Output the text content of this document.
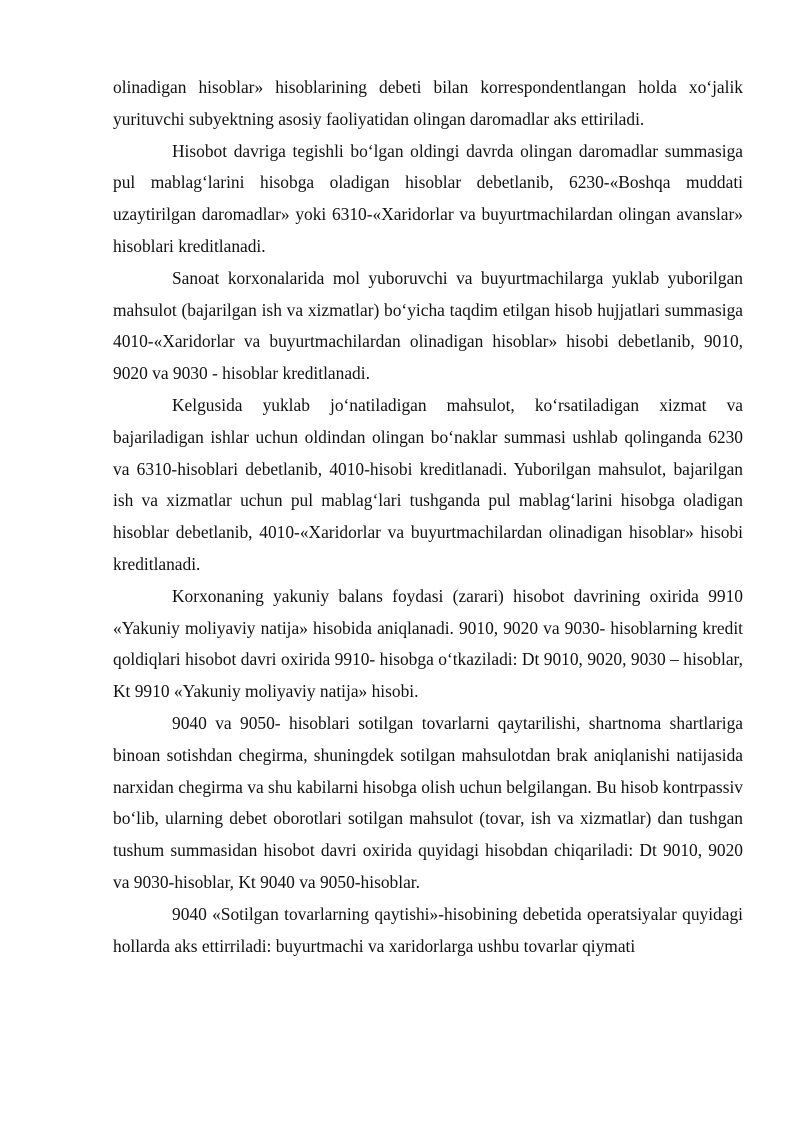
olinadigan hisoblar» hisoblarining debeti bilan korrespondentlangan holda xo‘jalik yurituvchi subyektning asosiy faoliyatidan olingan daromadlar aks ettiriladi.

Hisobot davriga tegishli bo‘lgan oldingi davrda olingan daromadlar summasiga pul mablag‘larini hisobga oladigan hisoblar debetlanib, 6230-«Boshqa muddati uzaytirilgan daromadlar» yoki 6310-«Xaridorlar va buyurtmachilardan olingan avanslar» hisoblari kreditlanadi.

Sanoat korxonalarida mol yuboruvchi va buyurtmachilarga yuklab yuborilgan mahsulot (bajarilgan ish va xizmatlar) bo‘yicha taqdim etilgan hisob hujjatlari summasiga 4010-«Xaridorlar va buyurtmachilardan olinadigan hisoblar» hisobi debetlanib, 9010, 9020 va 9030 - hisoblar kreditlanadi.

Kelgusida yuklab jo‘natiladigan mahsulot, ko‘rsatiladigan xizmat va bajariladigan ishlar uchun oldindan olingan bo‘naklar summasi ushlab qolinganda 6230 va 6310-hisoblari debetlanib, 4010-hisobi kreditlanadi. Yuborilgan mahsulot, bajarilgan ish va xizmatlar uchun pul mablag‘lari tushganda pul mablag‘larini hisobga oladigan hisoblar debetlanib, 4010-«Xaridorlar va buyurtmachilardan olinadigan hisoblar» hisobi kreditlanadi.

Korxonaning yakuniy balans foydasi (zarari) hisobot davrining oxirida 9910 «Yakuniy moliyaviy natija» hisobida aniqlanadi. 9010, 9020 va 9030- hisoblarning kredit qoldiqlari hisobot davri oxirida 9910- hisobga o‘tkaziladi: Dt 9010, 9020, 9030 – hisoblar, Kt 9910 «Yakuniy moliyaviy natija» hisobi.

9040 va 9050- hisoblari sotilgan tovarlarni qaytarilishi, shartnoma shartlariga binoan sotishdan chegirma, shuningdek sotilgan mahsulotdan brak aniqlanishi natijasida narxidan chegirma va shu kabilarni hisobga olish uchun belgilangan. Bu hisob kontrpassiv bo‘lib, ularning debet oborotlari sotilgan mahsulot (tovar, ish va xizmatlar) dan tushgan tushum summasidan hisobot davri oxirida quyidagi hisobdan chiqariladi: Dt 9010, 9020 va 9030-hisoblar, Kt 9040 va 9050-hisoblar.

9040 «Sotilgan tovarlarning qaytishi»-hisobining debetida operatsiyalar quyidagi hollarda aks ettirriladi: buyurtmachi va xaridorlarga ushbu tovarlar qiymati
